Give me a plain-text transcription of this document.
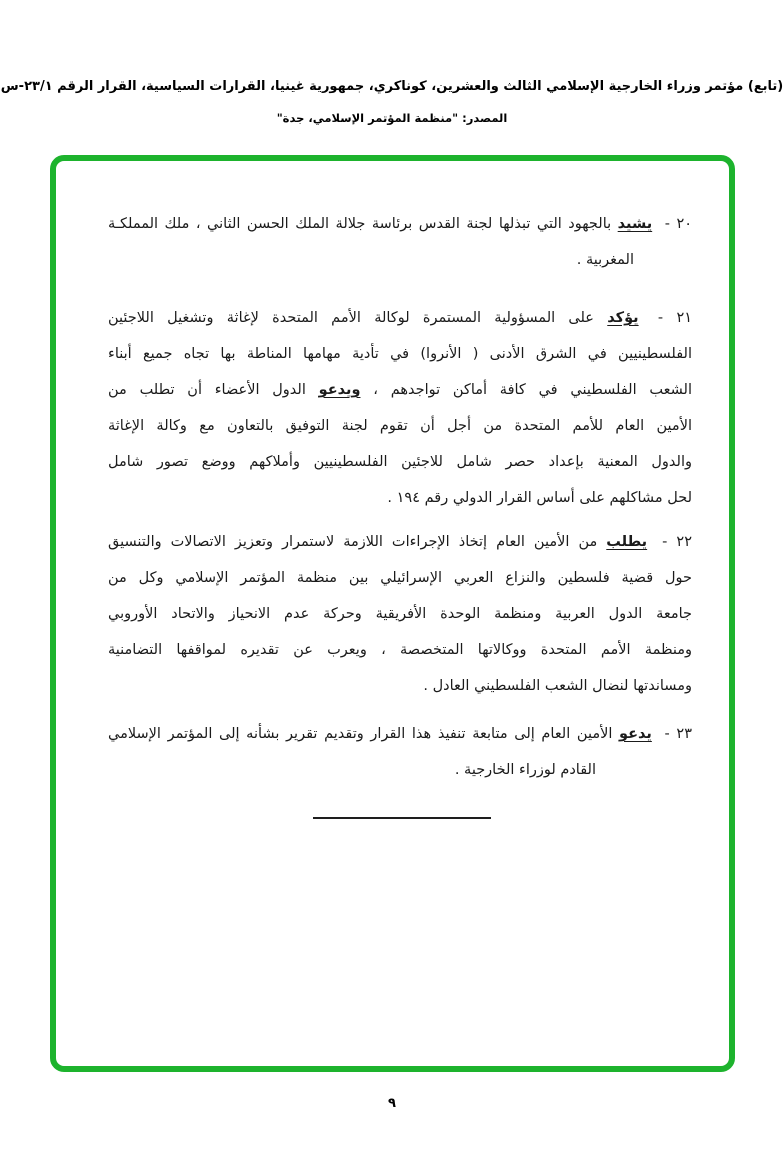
(تابع) مؤتمر وزراء الخارجية الإسلامي الثالث والعشرين، كوناكري، جمهورية غينيا، القرارات السياسية، القرار الرقم ٢٣/١-س
المصدر: "منظمة المؤتمر الإسلامي، جدة"
٢٠ - يشيد بالجهود التي تبذلها لجنة القدس برئاسة جلالة الملك الحسن الثاني ، ملك المملكـة
المغربية .
٢١ - يؤكد على المسؤولية المستمرة لوكالة الأمم المتحدة لإغاثة وتشغيل اللاجئين
الفلسطينيين في الشرق الأدنى ( الأنروا) في تأدية مهامها المناطة بها تجاه جميع أبناء
الشعب الفلسطيني في كافة أماكن تواجدهم ، ويدعو الدول الأعضاء أن تطلب من
الأمين العام للأمم المتحدة من أجل أن تقوم لجنة التوفيق بالتعاون مع وكالة الإغاثة
والدول المعنية بإعداد حصر شامل للاجئين الفلسطينيين وأملاكهم ووضع تصور شامل
لحل مشاكلهم على أساس القرار الدولي رقم ١٩٤ .
٢٢ - يطلب من الأمين العام إتخاذ الإجراءات اللازمة لاستمرار وتعزيز الاتصالات والتنسيق
حول قضية فلسطين والنزاع العربي الإسرائيلي بين منظمة المؤتمر الإسلامي وكل من
جامعة الدول العربية ومنظمة الوحدة الأفريقية وحركة عدم الانحياز والاتحاد الأوروبي
ومنظمة الأمم المتحدة ووكالاتها المتخصصة ، ويعرب عن تقديره لمواقفها التضامنية
ومساندتها لنضال الشعب الفلسطيني العادل .
٢٣ - يدعو الأمين العام إلى متابعة تنفيذ هذا القرار وتقديم تقرير بشأنه إلى المؤتمر الإسلامي
القادم لوزراء الخارجية .
٩
